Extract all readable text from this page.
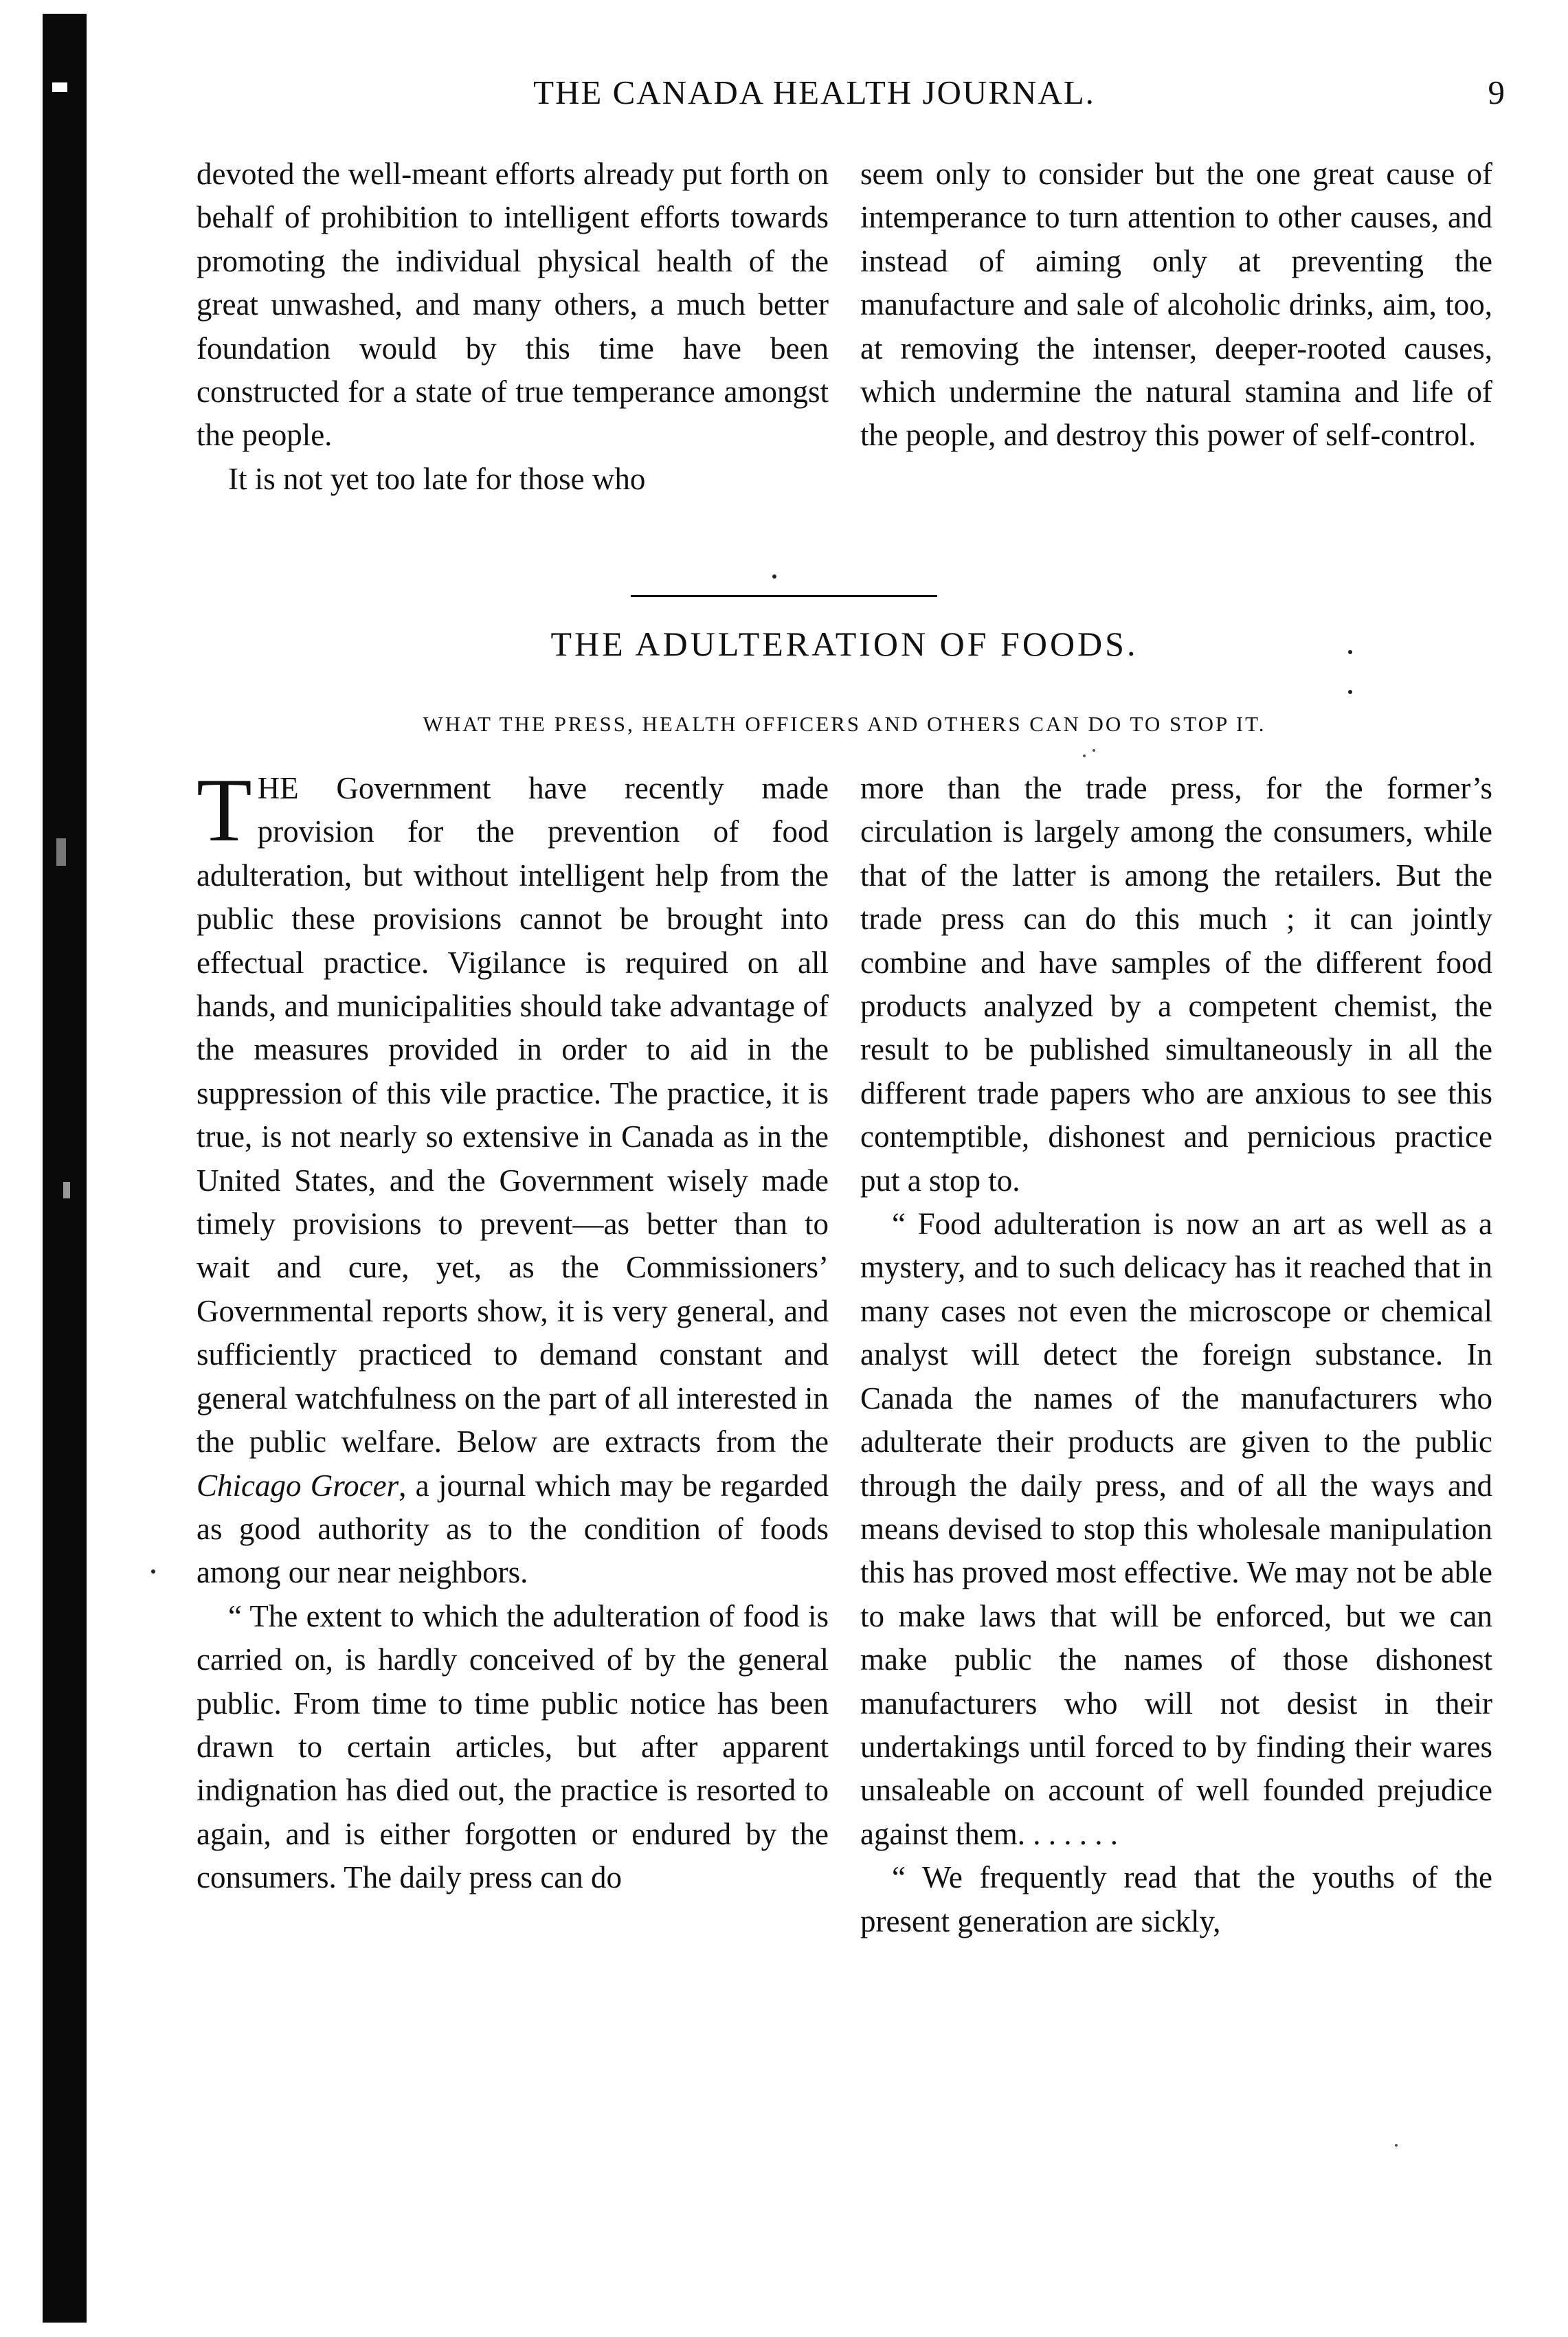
THE CANADA HEALTH JOURNAL.	9

devoted the well-meant efforts already put forth on behalf of prohibition to intelligent efforts towards promoting the individual physical health of the great unwashed, and many others, a much better foundation would by this time have been constructed for a state of true temperance amongst the people.

It is not yet too late for those who

seem only to consider but the one great cause of intemperance to turn attention to other causes, and instead of aiming only at preventing the manufacture and sale of alcoholic drinks, aim, too, at removing the intenser, deeper-rooted causes, which undermine the natural stamina and life of the people, and destroy this power of self-control.

THE ADULTERATION OF FOODS.
WHAT THE PRESS, HEALTH OFFICERS AND OTHERS CAN DO TO STOP IT.

THE Government have recently made provision for the prevention of food adulteration, but without intelligent help from the public these provisions cannot be brought into effectual practice. Vigilance is required on all hands, and municipalities should take advantage of the measures provided in order to aid in the suppression of this vile practice. The practice, it is true, is not nearly so extensive in Canada as in the United States, and the Government wisely made timely provisions to prevent—as better than to wait and cure, yet, as the Commissioners’ Governmental reports show, it is very general, and sufficiently practiced to demand constant and general watchfulness on the part of all interested in the public welfare. Below are extracts from the Chicago Grocer, a journal which may be regarded as good authority as to the condition of foods among our near neighbors.

“ The extent to which the adulteration of food is carried on, is hardly conceived of by the general public. From time to time public notice has been drawn to certain articles, but after apparent indignation has died out, the practice is resorted to again, and is either forgotten or endured by the consumers. The daily press can do

more than the trade press, for the former’s circulation is largely among the consumers, while that of the latter is among the retailers. But the trade press can do this much ; it can jointly combine and have samples of the different food products analyzed by a competent chemist, the result to be published simultaneously in all the different trade papers who are anxious to see this contemptible, dishonest and pernicious practice put a stop to.

“ Food adulteration is now an art as well as a mystery, and to such delicacy has it reached that in many cases not even the microscope or chemical analyst will detect the foreign substance. In Canada the names of the manufacturers who adulterate their products are given to the public through the daily press, and of all the ways and means devised to stop this wholesale manipulation this has proved most effective. We may not be able to make laws that will be enforced, but we can make public the names of those dishonest manufacturers who will not desist in their undertakings until forced to by finding their wares unsaleable on account of well founded prejudice against them. . . . . . .

“ We frequently read that the youths of the present generation are sickly,
